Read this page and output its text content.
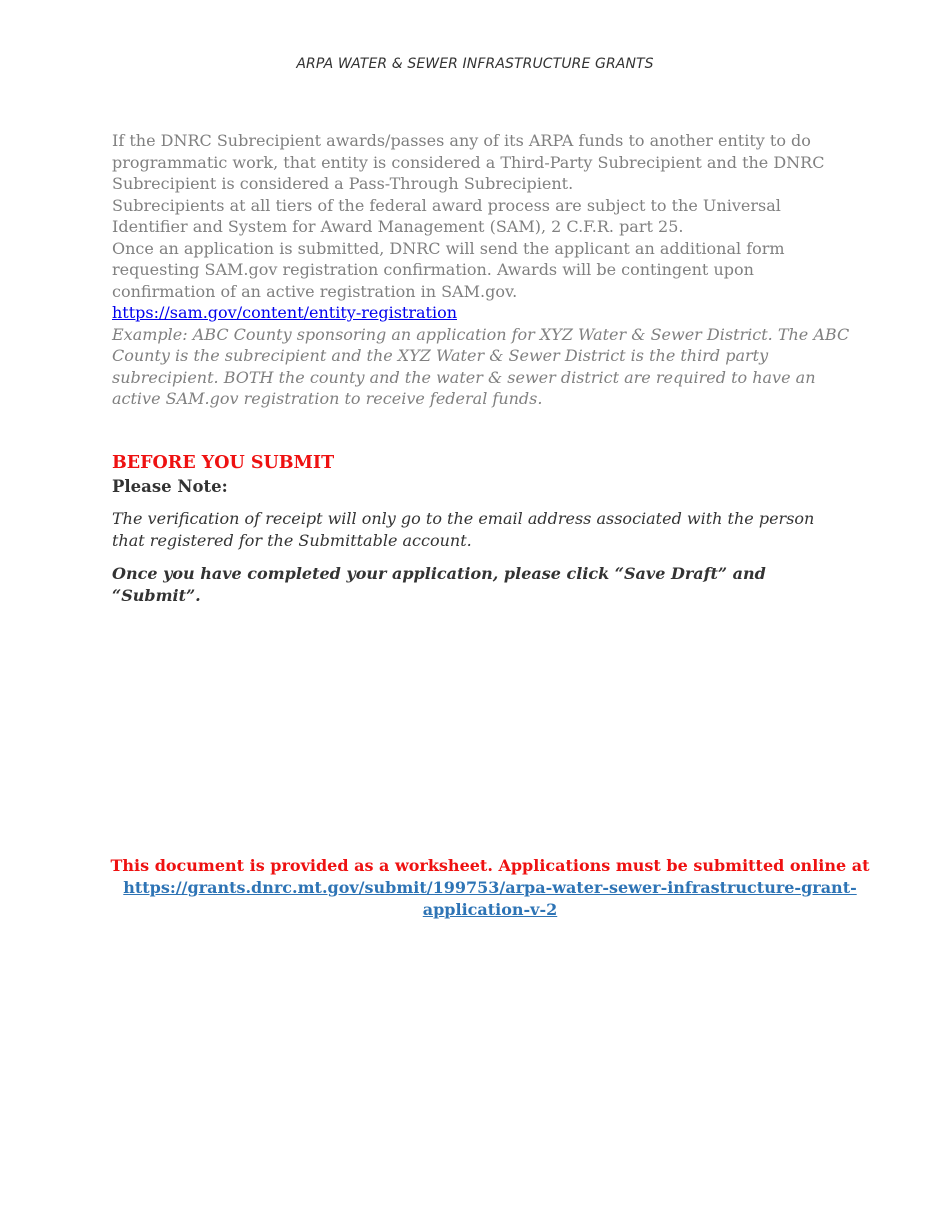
ARPA WATER & SEWER INFRASTRUCTURE GRANTS

If the DNRC Subrecipient awards/passes any of its ARPA funds to another entity to do programmatic work, that entity is considered a Third-Party Subrecipient and the DNRC Subrecipient is considered a Pass-Through Subrecipient.

Subrecipients at all tiers of the federal award process are subject to the Universal Identifier and System for Award Management (SAM), 2 C.F.R. part 25.

Once an application is submitted, DNRC will send the applicant an additional form requesting SAM.gov registration confirmation. Awards will be contingent upon confirmation of an active registration in SAM.gov.

https://sam.gov/content/entity-registration

Example: ABC County sponsoring an application for XYZ Water & Sewer District. The ABC County is the subrecipient and the XYZ Water & Sewer District is the third party subrecipient. BOTH the county and the water & sewer district are required to have an active SAM.gov registration to receive federal funds.

BEFORE YOU SUBMIT
Please Note:
The verification of receipt will only go to the email address associated with the person that registered for the Submittable account.
Once you have completed your application, please click “Save Draft” and “Submit”.
This document is provided as a worksheet. Applications must be submitted online at
https://grants.dnrc.mt.gov/submit/199753/arpa-water-sewer-infrastructure-grant-application-v-2
